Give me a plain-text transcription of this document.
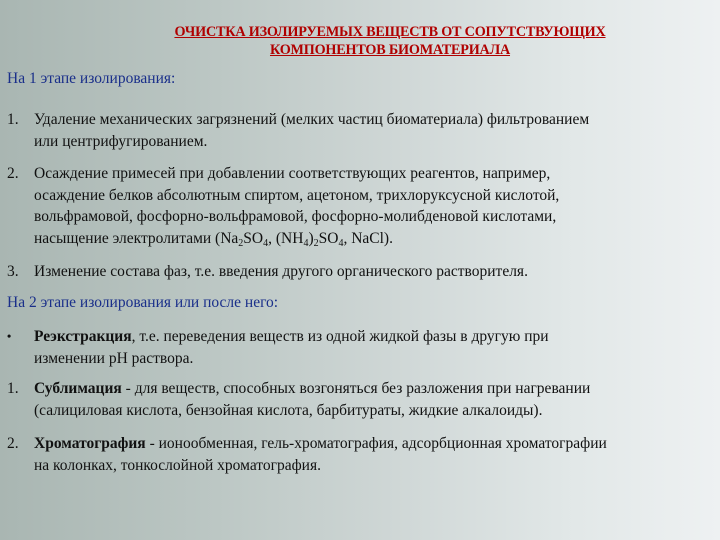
ОЧИСТКА ИЗОЛИРУЕМЫХ ВЕЩЕСТВ ОТ СОПУТСТВУЮЩИХ
КОМПОНЕНТОВ БИОМАТЕРИАЛА
На 1 этапе изолирования:
1. Удаление механических загрязнений (мелких частиц биоматериала) фильтрованием
или центрифугированием.
2. Осаждение примесей при добавлении соответствующих реагентов, например,
осаждение белков абсолютным спиртом, ацетоном, трихлоруксусной кислотой,
вольфрамовой, фосфорно-вольфрамовой, фосфорно-молибденовой кислотами,
насыщение электролитами ($Na_2SO_4$, $(NH_4)_2SO_4$, NaCl).
3. Изменение состава фаз, т.е. введения другого органического растворителя.
На 2 этапе изолирования или после него:
• Реэкстракция, т.е. переведения веществ из одной жидкой фазы в другую при
изменении рН раствора.
1. Сублимация - для веществ, способных возгоняться без разложения при нагревании
(салициловая кислота, бензойная кислота, барбитураты, жидкие алкалоиды).
2. Хроматография - ионообменная, гель-хроматография, адсорбционная хроматографии
на колонках, тонкослойной хроматография.
